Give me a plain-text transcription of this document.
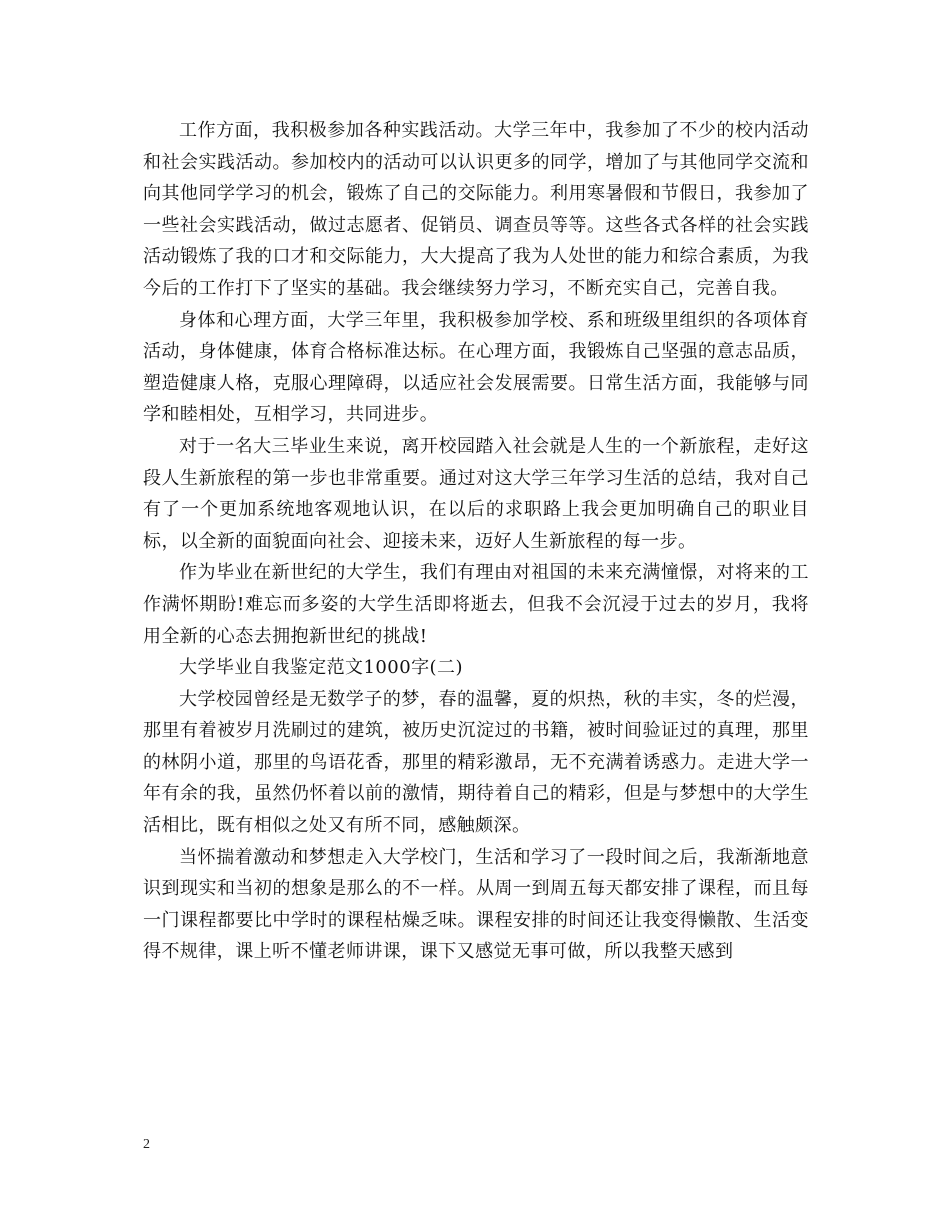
工作方面，我积极参加各种实践活动。大学三年中，我参加了不少的校内活动和社会实践活动。参加校内的活动可以认识更多的同学，增加了与其他同学交流和向其他同学学习的机会，锻炼了自己的交际能力。利用寒暑假和节假日，我参加了一些社会实践活动，做过志愿者、促销员、调查员等等。这些各式各样的社会实践活动锻炼了我的口才和交际能力，大大提高了我为人处世的能力和综合素质，为我今后的工作打下了坚实的基础。我会继续努力学习，不断充实自己，完善自我。

身体和心理方面，大学三年里，我积极参加学校、系和班级里组织的各项体育活动，身体健康，体育合格标准达标。在心理方面，我锻炼自己坚强的意志品质，塑造健康人格，克服心理障碍，以适应社会发展需要。日常生活方面，我能够与同学和睦相处，互相学习，共同进步。

对于一名大三毕业生来说，离开校园踏入社会就是人生的一个新旅程，走好这段人生新旅程的第一步也非常重要。通过对这大学三年学习生活的总结，我对自己有了一个更加系统地客观地认识，在以后的求职路上我会更加明确自己的职业目标，以全新的面貌面向社会、迎接未来，迈好人生新旅程的每一步。

作为毕业在新世纪的大学生，我们有理由对祖国的未来充满憧憬，对将来的工作满怀期盼!难忘而多姿的大学生活即将逝去，但我不会沉浸于过去的岁月，我将用全新的心态去拥抱新世纪的挑战!

大学毕业自我鉴定范文1000字(二)

大学校园曾经是无数学子的梦，春的温馨，夏的炽热，秋的丰实，冬的烂漫，那里有着被岁月洗刷过的建筑，被历史沉淀过的书籍，被时间验证过的真理，那里的林阴小道，那里的鸟语花香，那里的精彩激昂，无不充满着诱惑力。走进大学一年有余的我，虽然仍怀着以前的激情，期待着自己的精彩，但是与梦想中的大学生活相比，既有相似之处又有所不同，感触颇深。

当怀揣着激动和梦想走入大学校门，生活和学习了一段时间之后，我渐渐地意识到现实和当初的想象是那么的不一样。从周一到周五每天都安排了课程，而且每一门课程都要比中学时的课程枯燥乏味。课程安排的时间还让我变得懒散、生活变得不规律，课上听不懂老师讲课，课下又感觉无事可做，所以我整天感到

2
